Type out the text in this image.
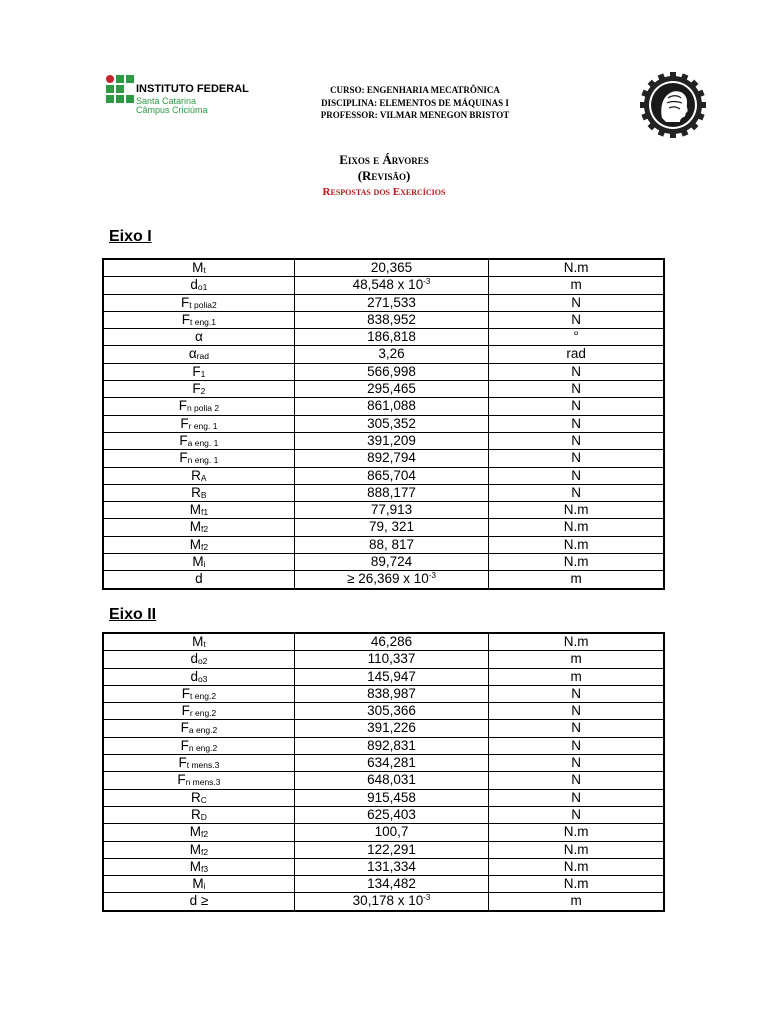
INSTITUTO FEDERAL
Santa Catarina
Câmpus Criciúma
CURSO: ENGENHARIA MECATRÔNICA
DISCIPLINA: ELEMENTOS DE MÁQUINAS I
PROFESSOR: VILMAR MENEGON BRISTOT
Eixos e Árvores
(Revisão)
Respostas dos Exercícios
Eixo I
$M_t$	20,365	N.m
$d_{o1}$	48,548 x $10^{-3}$	m
$F_{t polia2}$	271,533	N
$F_{t eng.1}$	838,952	N
α	186,818	°
$\alpha_{rad}$	3,26	rad
$F_1$	566,998	N
$F_2$	295,465	N
$F_{n polia 2}$	861,088	N
$F_{r eng. 1}$	305,352	N
$F_{a eng. 1}$	391,209	N
$F_{n eng. 1}$	892,794	N
$R_A$	865,704	N
$R_B$	888,177	N
$M_{f1}$	77,913	N.m
$M_{f2}$	79, 321	N.m
$M_{f2}$	88, 817	N.m
$M_i$	89,724	N.m
d	≥ 26,369 x $10^{-3}$	m
Eixo II
$M_t$	46,286	N.m
$d_{o2}$	110,337	m
$d_{o3}$	145,947	m
$F_{t eng.2}$	838,987	N
$F_{r eng.2}$	305,366	N
$F_{a eng.2}$	391,226	N
$F_{n eng.2}$	892,831	N
$F_{t mens.3}$	634,281	N
$F_{n mens.3}$	648,031	N
$R_C$	915,458	N
$R_D$	625,403	N
$M_{f2}$	100,7	N.m
$M_{f2}$	122,291	N.m
$M_{f3}$	131,334	N.m
$M_i$	134,482	N.m
d ≥	30,178 x $10^{-3}$	m
